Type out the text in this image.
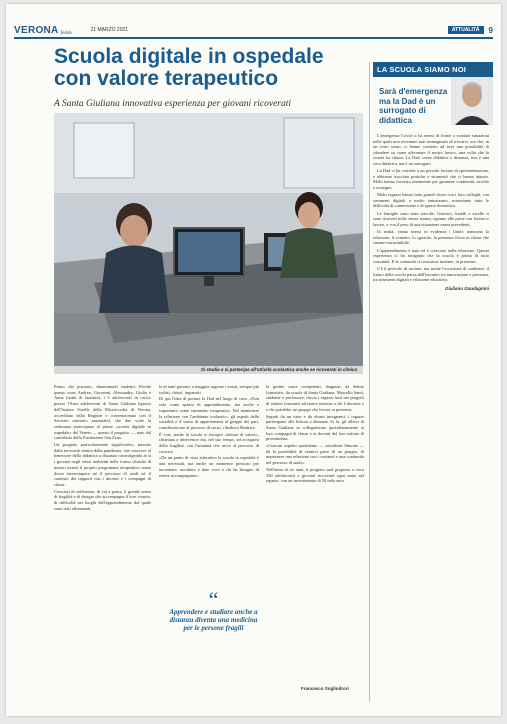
VERONA fedele	21 MARZO 2021	ATTUALITÀ	9
Scuola digitale in ospedale con valore terapeutico
A Santa Giuliana innovativa esperienza per giovani ricoverati
Si studia e si partecipa all'attività scolastica anche se ricoverati in clinica

Primo che possono, chiamiamoli studenti. Perché questo sono Andrea, Giovanni, Alessandro, Giulia e Anna (nomi di fantasia), i 5 adolescenti in carico presso l'Area adolescenti di Santa Giuliana (spesso dell'Istituto Sorelle della Misericordia di Verona, accreditato dalla Regione e convenzionato con il Servizio sanitario nazionale), che due volte la settimana partecipano al primo «scuola digitale in ospedale» del Veneto — questo il progetto —, nato dal contributo della Fondazione San Zeno.

Un progetto particolarmente significativo, iniziato dalla necessità sentita dalla pandemia, che concorre al benessere della didattica a distanza coinvolgendo al sì i giovani negli stessi ambienti nelle forme cliniche di minori avanti il proprio programma terapeutico senza dover interrompere né il percorso di studi né il contesto dei rapporti con i docenti e i compagni di classe.

Cresciuti di sofferenza, di cui a paura, il grande senso di fragilità e di disagio che accompagna il loro vissuto, di difficoltà nei luoghi dell'apprendimento dal quale sono stati allontanati.

le di tanti giovani, a maggior ragione i nostri, sempre più isolati, chiusi, impauriti.

Di qui l'idea di portare la Dad nel luogo di cura. «Non solo come spazio di apprendimento, ma anche e soprattutto come strumento terapeutico. Nel mantenere la relazione con l'ambiente scolastico, gli aspetti della socialità e il senso di appartenenza al gruppo dei pari, contribuiscono al percorso di cura», ribadisce Beatrice.

È così, anche la scuola si riscopre «fattore di salute», chiamata a intervenire ma, nel suo tempo, ad occuparsi della fragilità, con l'umanità che serve al percorso di crescita.

«Da un punto di vista educativo la scuola in ospedale è una necessità, ma anche un momento prezioso per incontrare, ascoltare e dare voce a chi ha bisogno di essere accompagnato».

“
Apprendere e studiare anche a distanza diventa una medicina per le persone fragili

la gestite come competenti, diagnosi, da debito formativo, da scuole di Santa Giuliana. Marcello Santi, studente e professore, rinvia i ragazzi tutti nei progetti di istituto formativi ad essere insieme a chi è docente o a chi potrebbe, un gruppo che lavora in presenza.

Seguiti da un tutor e da alcuni insegnanti, i ragazzi partecipano alle lezioni a distanza. Si fa, gli allievi di Santa Giuliana in collegamento quotidianamente ai loro compagni di classe e ai docenti del loro istituto di provenienza.

«Ciascun aspetto quotidiano — sottolinea Simone — dà la possibilità di sentirsi parte di un gruppo, di mantenere una relazione con i coetanei e una continuità nel percorso di studi».

Nell'anno di tre anni, il progetto sarà proposto a circa 100 adolescenti e giovani ricoverati ogni anno nel reparto, con un investimento di 50 mila euro.

Francesco Soglindrori
LA SCUOLA SIAMO NOI
Sarà d'emergenza ma la Dad è un surrogato di didattica

L'emergenza Covid ci ha messi di fronte a svariate situazioni nelle quali non avremmo mai immaginato di trovarci, ma che, in un certo senso, ci hanno costretto ad aver una possibilità di rifondere su come affrontare il nostro lavoro, una volta che la scuola ha chiuso. La Dad, come didattica a distanza, non è una vera didattica, ma è un surrogato.

La Dad ci ha costretti a un periodo forzato di sperimentazione, e abbiamo tracciato pratiche e strumenti che ci hanno aiutato. Molti hanno lavorato duramente per garantire continuità, ascolto e sostegno.

Molti ragazzi hanno fatto grandi sforzi con i loro colleghi, con strumenti digitali e molto entusiasmo, nonostante tutte le difficoltà di connessione e di spazio domestico.

Le famiglie sono state travolte. Genitori, fratelli e sorelle si sono ritrovati nelle stesse stanze, ognuno alle prese con lezioni e lavoro, e con il peso di una situazione senza precedenti.

In realtà, vanno messi in evidenza i limiti: mancano la relazione, il contatto, lo sguardo, la presenza fisica in classe che rimane insostituibile.

L'apprendimento è nato ed è cresciuto nella relazione. Questa esperienza ci ha insegnato che la scuola è prima di tutto comunità. E la comunità si costruisce insieme, in presenza.

C'è il pericolo di uscirne, ma anche l'occasione di cambiare: il futuro della scuola passa dall'incontro tra innovazione e presenza, tra strumenti digitali e relazione educativa.

Giuliano Gaudagnini
